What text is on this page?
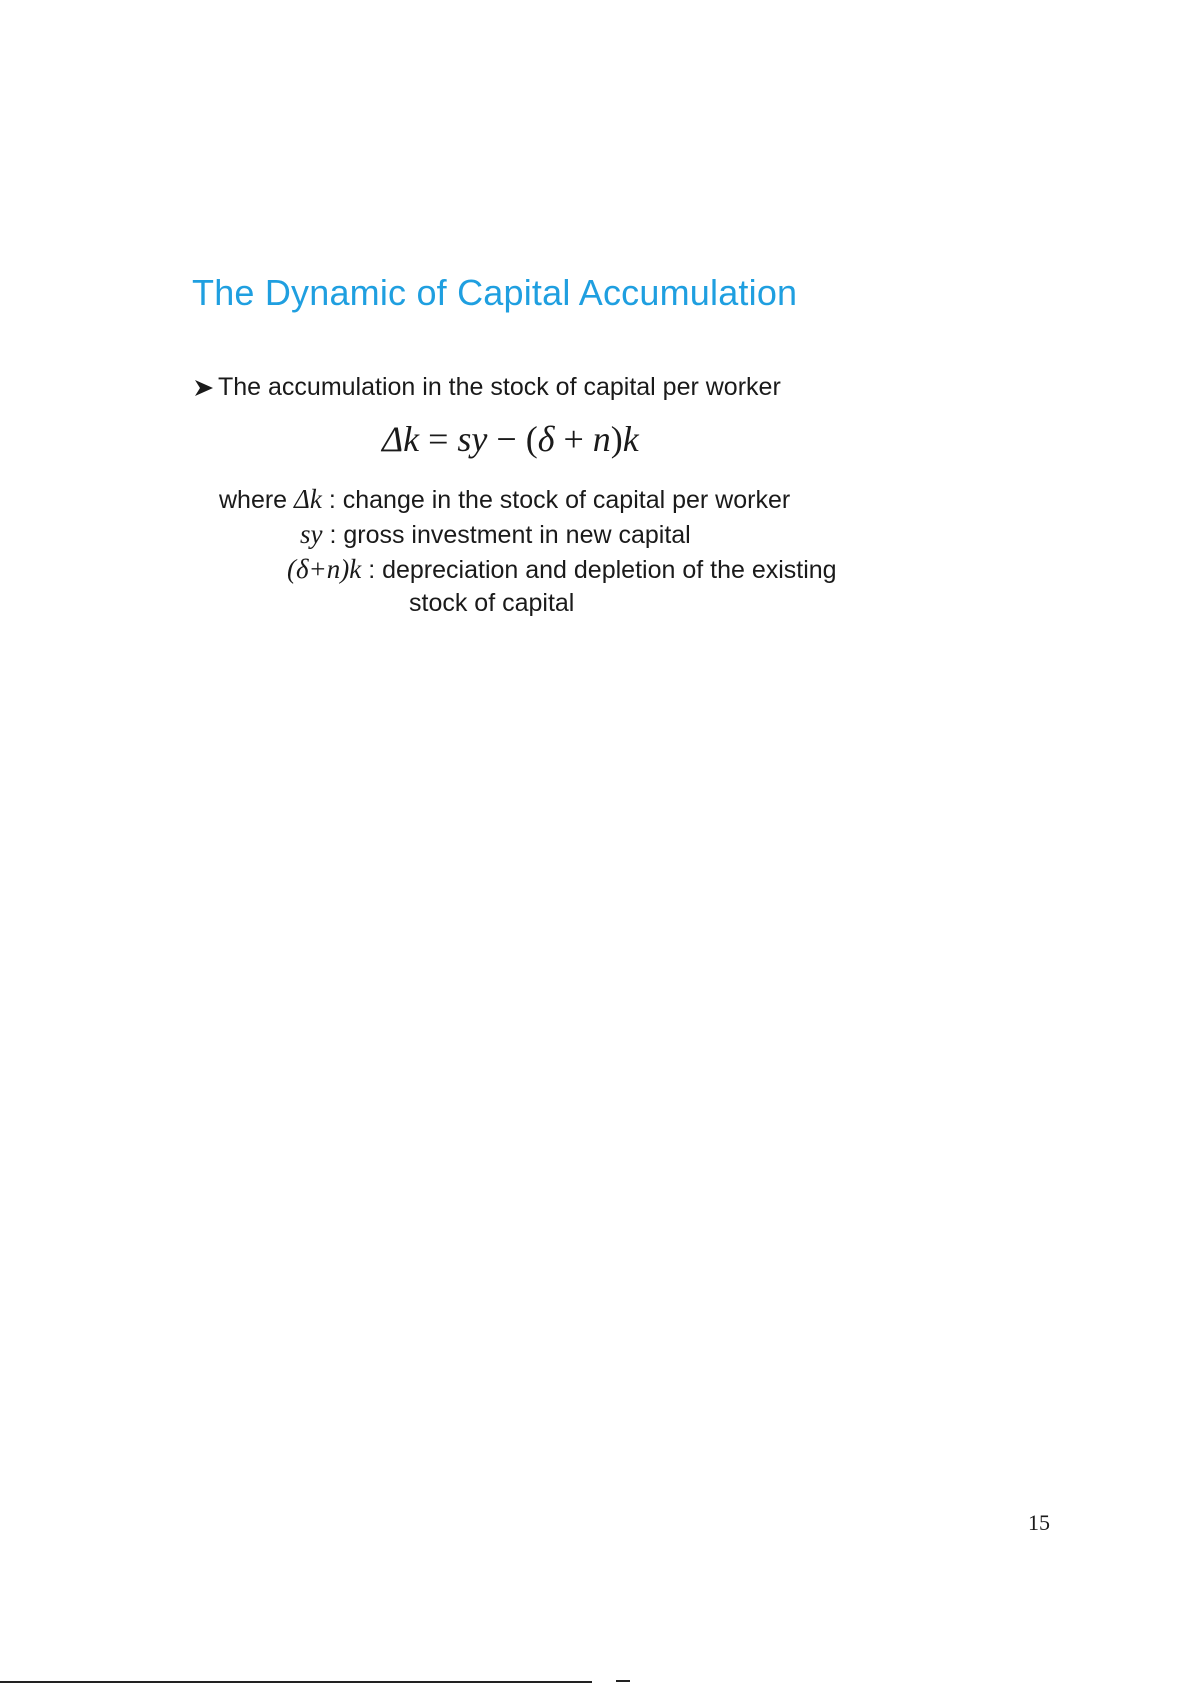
The Dynamic of Capital Accumulation
The accumulation in the stock of capital per worker
Δk = sy − (δ + n)k
where Δk : change in the stock of capital per worker
sy : gross investment in new capital
(δ+n)k : depreciation and depletion of the existing
stock of capital
15
